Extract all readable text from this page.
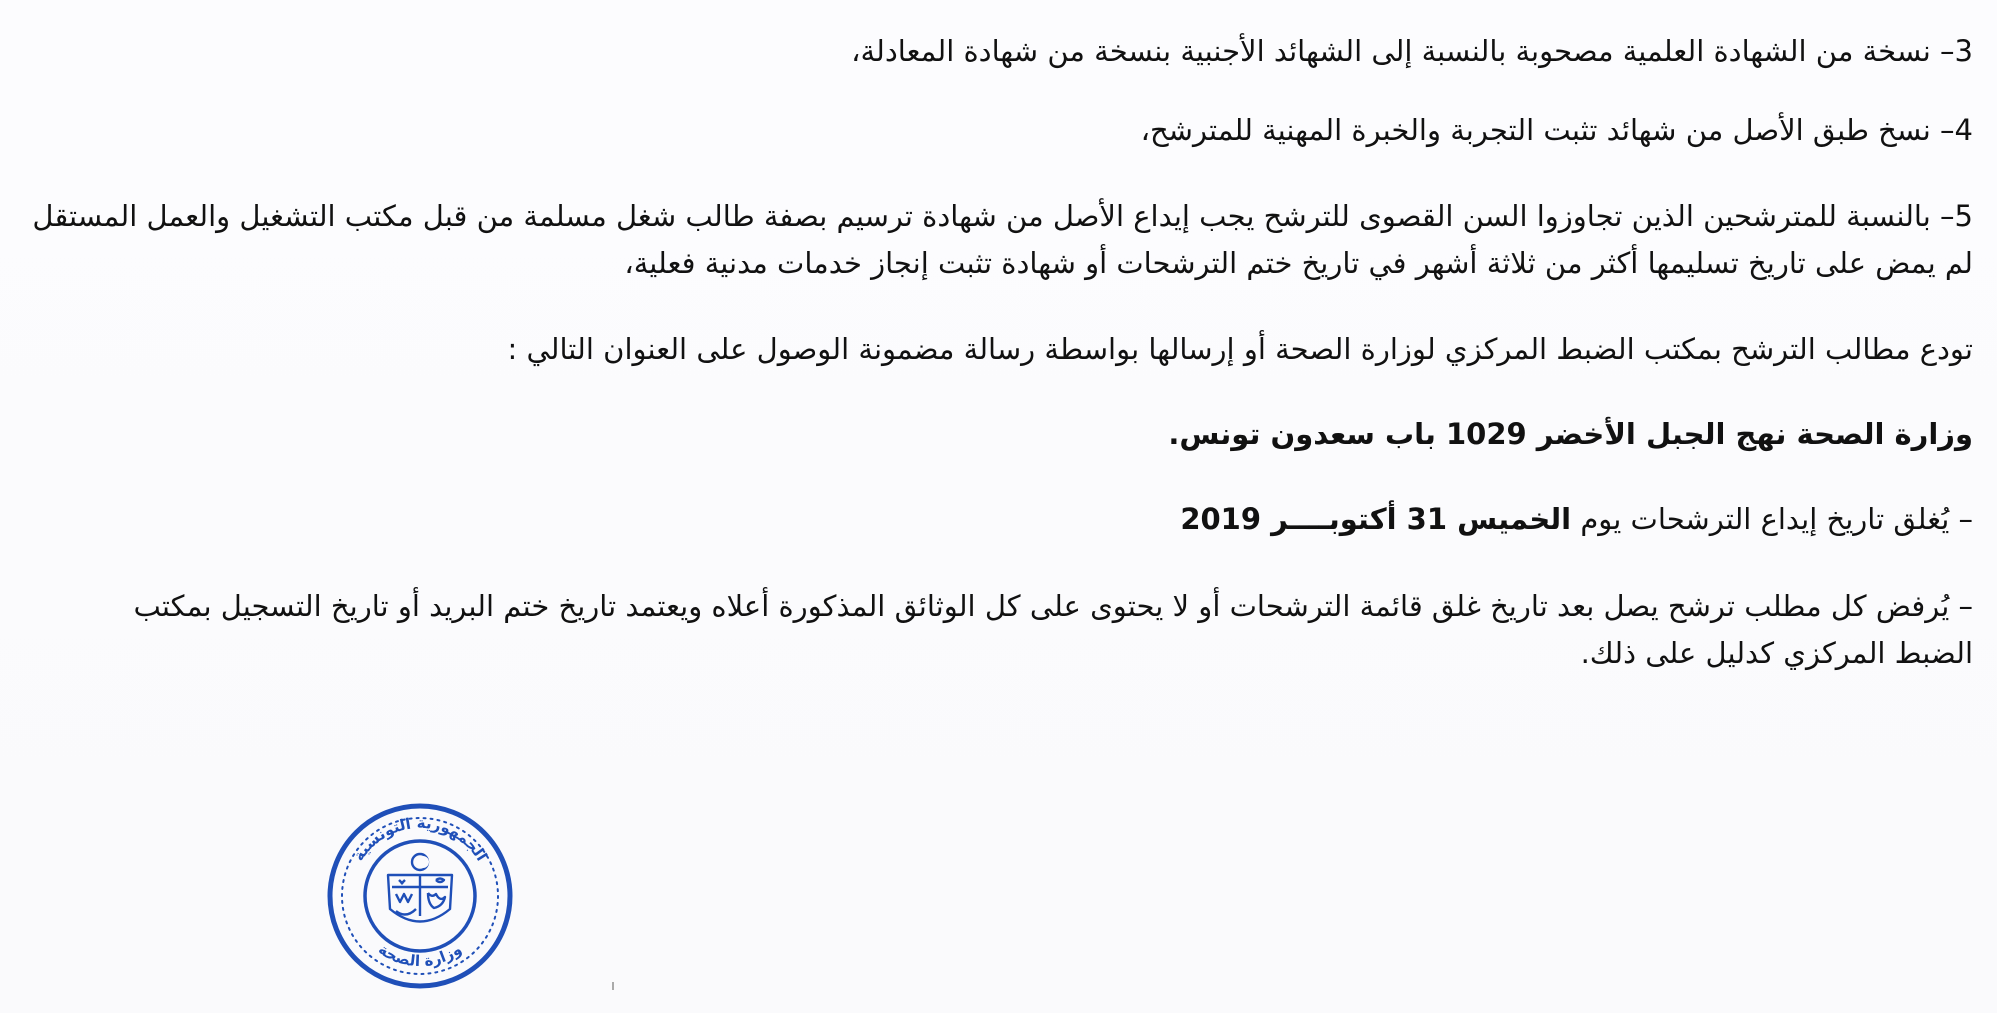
3– نسخة من الشهادة العلمية مصحوبة بالنسبة إلى الشهائد الأجنبية بنسخة من شهادة المعادلة،
4– نسخ طبق الأصل من شهائد تثبت التجربة والخبرة المهنية للمترشح،
5– بالنسبة للمترشحين الذين تجاوزوا السن القصوى للترشح يجب إيداع الأصل من شهادة ترسيم بصفة طالب شغل مسلمة من قبل مكتب التشغيل والعمل المستقل
لم يمض على تاريخ تسليمها أكثر من ثلاثة أشهر في تاريخ ختم الترشحات أو شهادة تثبت إنجاز خدمات مدنية فعلية،
تودع مطالب الترشح بمكتب الضبط المركزي لوزارة الصحة أو إرسالها بواسطة رسالة مضمونة الوصول على العنوان التالي :
وزارة الصحة نهج الجبل الأخضر 1029 باب سعدون تونس.
– يُغلق تاريخ إيداع الترشحات يوم الخميس 31 أكتوبــــر 2019
– يُرفض كل مطلب ترشح يصل بعد تاريخ غلق قائمة الترشحات أو لا يحتوى على كل الوثائق المذكورة أعلاه ويعتمد تاريخ ختم البريد أو تاريخ التسجيل بمكتب
الضبط المركزي كدليل على ذلك.
الجمهورية التونسية
وزارة الصحة
